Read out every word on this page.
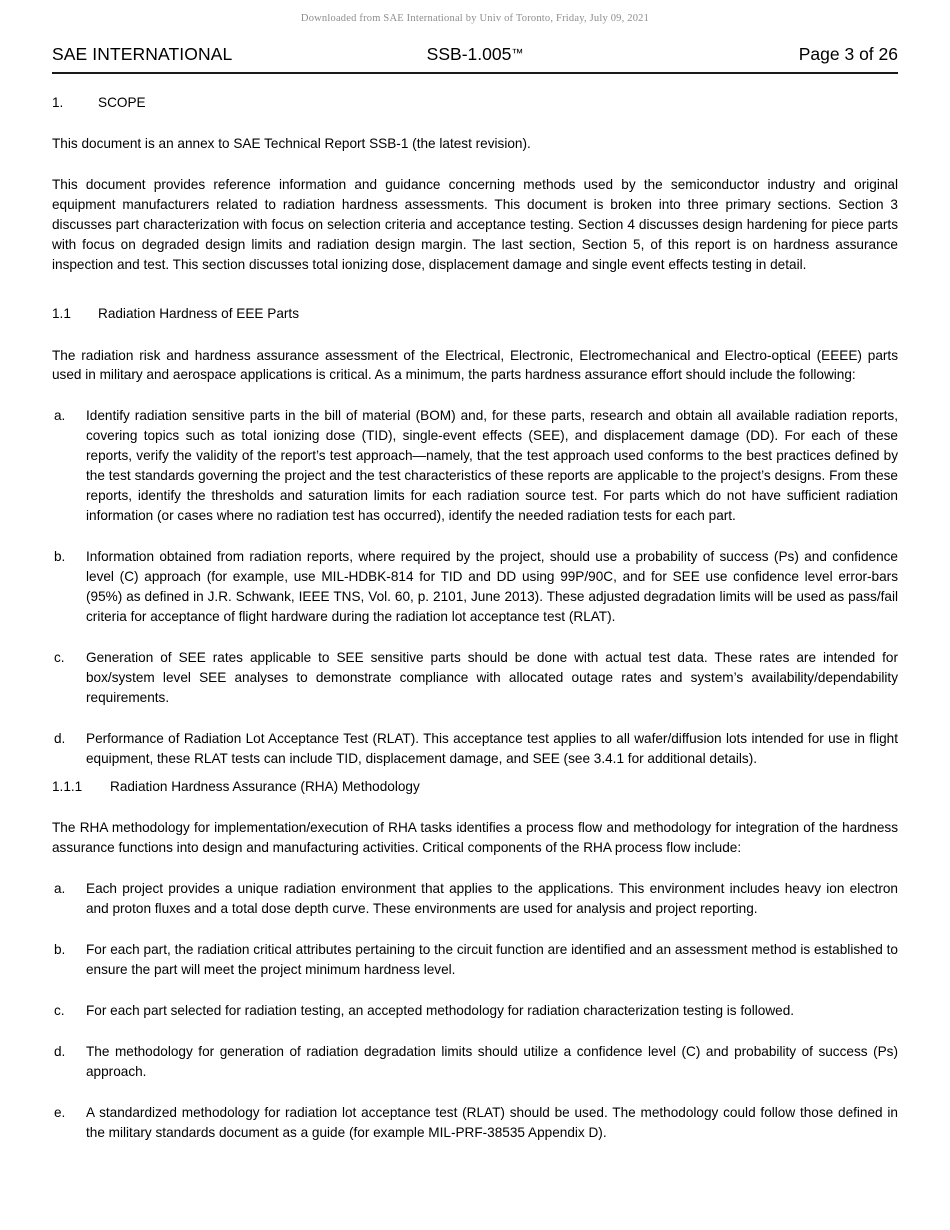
Downloaded from SAE International by Univ of Toronto, Friday, July 09, 2021
SAE INTERNATIONAL	SSB-1.005™	Page 3 of 26
1.	SCOPE

This document is an annex to SAE Technical Report SSB-1 (the latest revision).

This document provides reference information and guidance concerning methods used by the semiconductor industry and original equipment manufacturers related to radiation hardness assessments. This document is broken into three primary sections. Section 3 discusses part characterization with focus on selection criteria and acceptance testing. Section 4 discusses design hardening for piece parts with focus on degraded design limits and radiation design margin. The last section, Section 5, of this report is on hardness assurance inspection and test. This section discusses total ionizing dose, displacement damage and single event effects testing in detail.

1.1	Radiation Hardness of EEE Parts

The radiation risk and hardness assurance assessment of the Electrical, Electronic, Electromechanical and Electro-optical (EEEE) parts used in military and aerospace applications is critical. As a minimum, the parts hardness assurance effort should include the following:

a.	Identify radiation sensitive parts in the bill of material (BOM) and, for these parts, research and obtain all available radiation reports, covering topics such as total ionizing dose (TID), single-event effects (SEE), and displacement damage (DD). For each of these reports, verify the validity of the report’s test approach—namely, that the test approach used conforms to the best practices defined by the test standards governing the project and the test characteristics of these reports are applicable to the project’s designs. From these reports, identify the thresholds and saturation limits for each radiation source test. For parts which do not have sufficient radiation information (or cases where no radiation test has occurred), identify the needed radiation tests for each part.
b.	Information obtained from radiation reports, where required by the project, should use a probability of success (Ps) and confidence level (C) approach (for example, use MIL-HDBK-814 for TID and DD using 99P/90C, and for SEE use confidence level error-bars (95%) as defined in J.R. Schwank, IEEE TNS, Vol. 60, p. 2101, June 2013). These adjusted degradation limits will be used as pass/fail criteria for acceptance of flight hardware during the radiation lot acceptance test (RLAT).
c.	Generation of SEE rates applicable to SEE sensitive parts should be done with actual test data. These rates are intended for box/system level SEE analyses to demonstrate compliance with allocated outage rates and system’s availability/dependability requirements.
d.	Performance of Radiation Lot Acceptance Test (RLAT). This acceptance test applies to all wafer/diffusion lots intended for use in flight equipment, these RLAT tests can include TID, displacement damage, and SEE (see 3.4.1 for additional details).
1.1.1	Radiation Hardness Assurance (RHA) Methodology

The RHA methodology for implementation/execution of RHA tasks identifies a process flow and methodology for integration of the hardness assurance functions into design and manufacturing activities. Critical components of the RHA process flow include:

a.	Each project provides a unique radiation environment that applies to the applications. This environment includes heavy ion electron and proton fluxes and a total dose depth curve. These environments are used for analysis and project reporting.
b.	For each part, the radiation critical attributes pertaining to the circuit function are identified and an assessment method is established to ensure the part will meet the project minimum hardness level.
c.	For each part selected for radiation testing, an accepted methodology for radiation characterization testing is followed.
d.	The methodology for generation of radiation degradation limits should utilize a confidence level (C) and probability of success (Ps) approach.
e.	A standardized methodology for radiation lot acceptance test (RLAT) should be used. The methodology could follow those defined in the military standards document as a guide (for example MIL-PRF-38535 Appendix D).
